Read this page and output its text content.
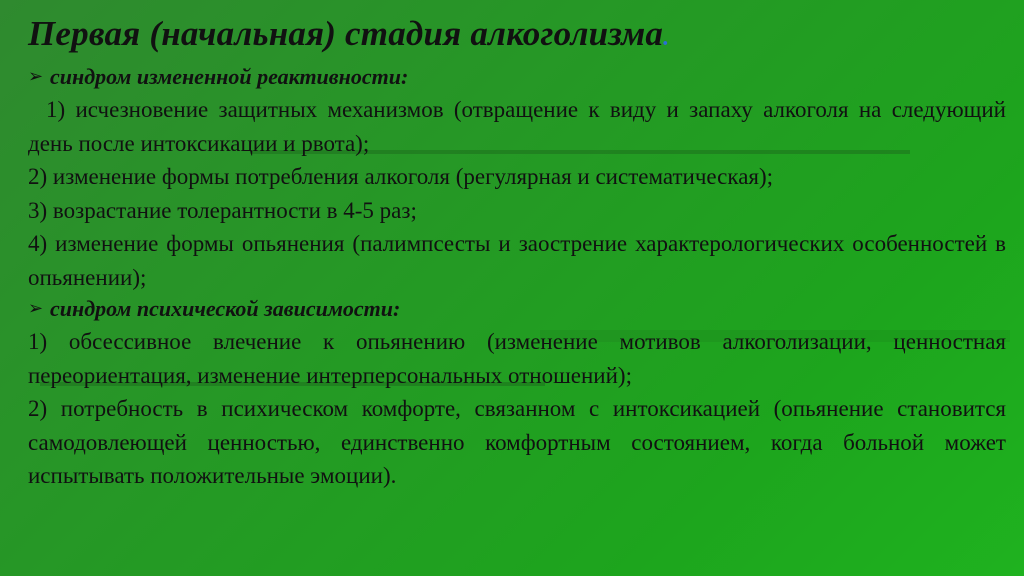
Первая (начальная) стадия алкоголизма.
➢ синдром измененной реактивности:

1) исчезновение защитных механизмов (отвращение к виду и запаху алкоголя на следующий день после интоксикации и рвота);

2) изменение формы потребления алкоголя (регулярная и систематическая);

3) возрастание толерантности в 4-5 раз;

4) изменение формы опьянения (палимпсесты и заострение характерологических особенностей в опьянении);

➢ синдром психической зависимости:

1) обсессивное влечение к опьянению (изменение мотивов алкоголизации, ценностная переориентация, изменение интерперсональных отношений);

2) потребность в психическом комфорте, связанном с интоксикацией (опьянение становится самодовлеющей ценностью, единственно комфортным состоянием, когда больной может испытывать положительные эмоции).
